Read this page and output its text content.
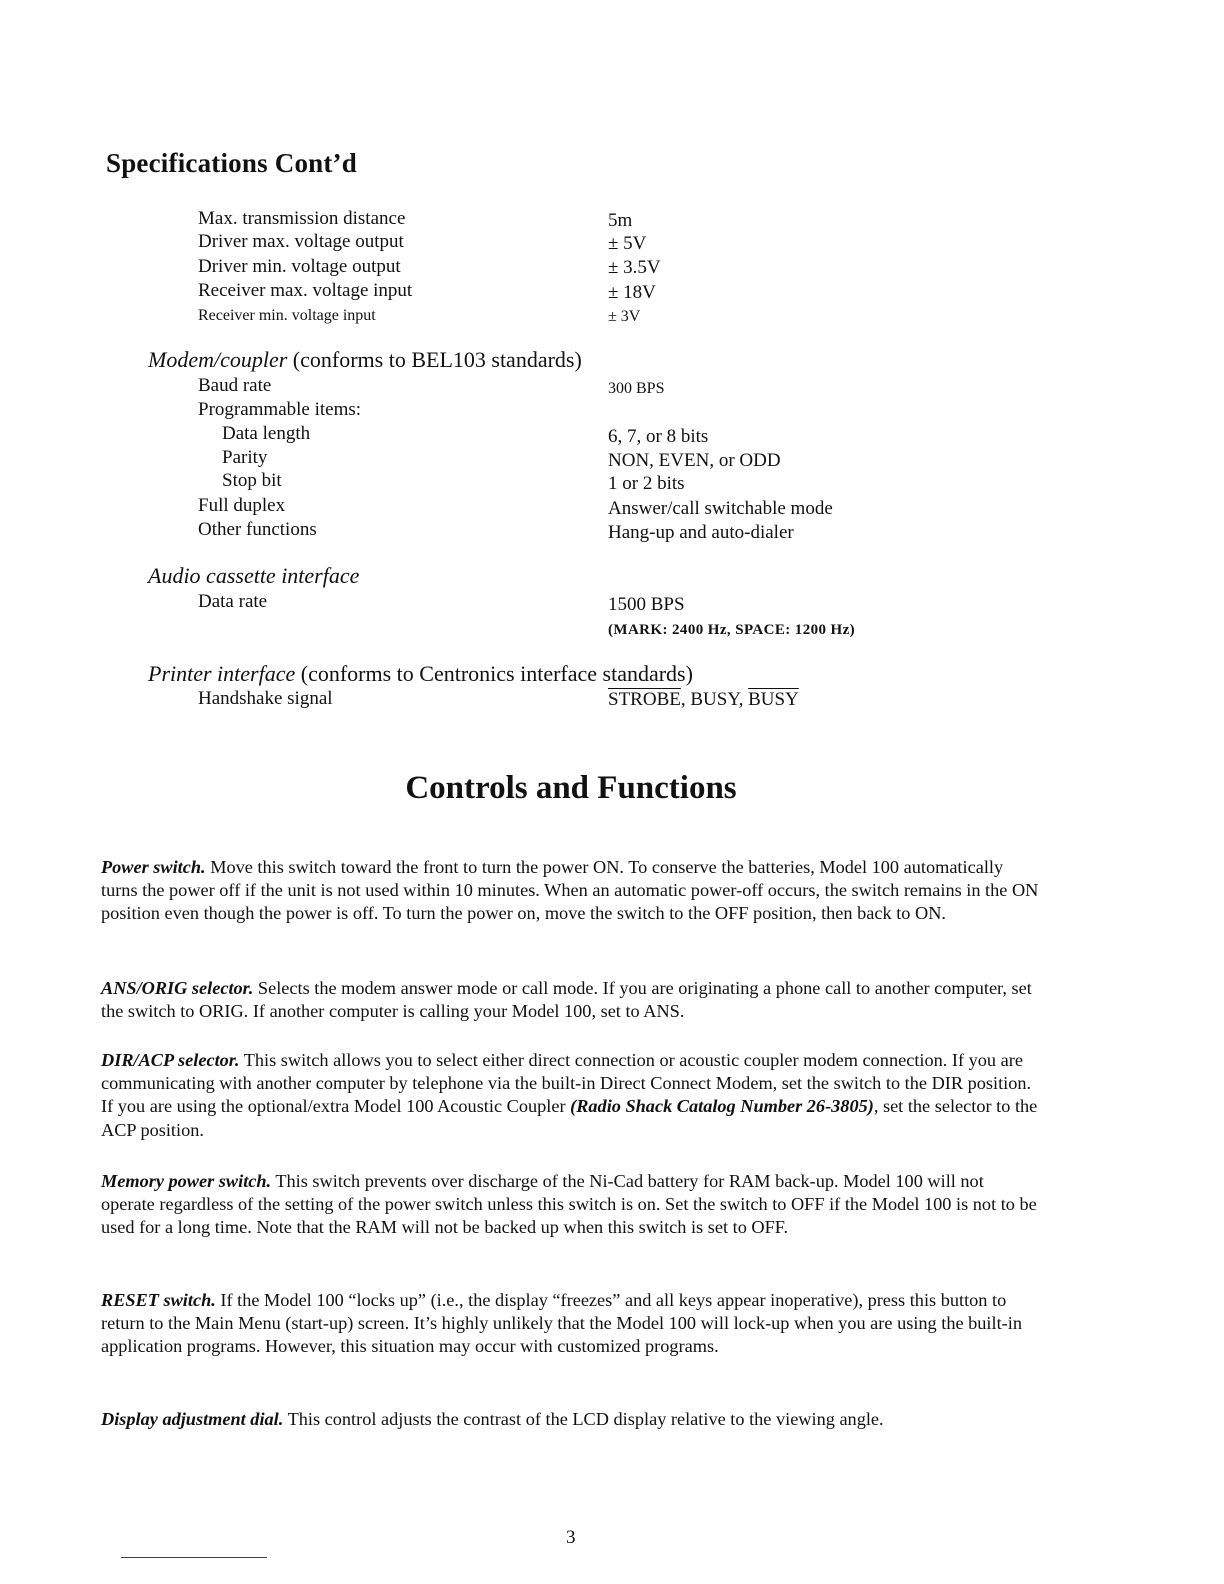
Specifications Cont’d
Max. transmission distance	5m
Driver max. voltage output	± 5V
Driver min. voltage output	± 3.5V
Receiver max. voltage input	± 18V
Receiver min. voltage input	± 3V
Modem/coupler (conforms to BEL103 standards)
Baud rate	300 BPS
Programmable items:
Data length	6, 7, or 8 bits
Parity	NON, EVEN, or ODD
Stop bit	1 or 2 bits
Full duplex	Answer/call switchable mode
Other functions	Hang-up and auto-dialer
Audio cassette interface
Data rate	1500 BPS
(MARK: 2400 Hz, SPACE: 1200 Hz)
Printer interface (conforms to Centronics interface standards)
Handshake signal	STROBE, BUSY, BUSY
Controls and Functions

Power switch. Move this switch toward the front to turn the power ON. To conserve the batteries, Model 100 automatically turns the power off if the unit is not used within 10 minutes. When an automatic power-off occurs, the switch remains in the ON position even though the power is off. To turn the power on, move the switch to the OFF position, then back to ON.

ANS/ORIG selector. Selects the modem answer mode or call mode. If you are originating a phone call to another computer, set the switch to ORIG. If another computer is calling your Model 100, set to ANS.

DIR/ACP selector. This switch allows you to select either direct connection or acoustic coupler modem connection. If you are communicating with another computer by telephone via the built-in Direct Connect Modem, set the switch to the DIR position. If you are using the optional/extra Model 100 Acoustic Coupler (Radio Shack Catalog Number 26-3805), set the selector to the ACP position.

Memory power switch. This switch prevents over discharge of the Ni-Cad battery for RAM back-up. Model 100 will not operate regardless of the setting of the power switch unless this switch is on. Set the switch to OFF if the Model 100 is not to be used for a long time. Note that the RAM will not be backed up when this switch is set to OFF.

RESET switch. If the Model 100 “locks up” (i.e., the display “freezes” and all keys appear inoperative), press this button to return to the Main Menu (start-up) screen. It’s highly unlikely that the Model 100 will lock-up when you are using the built-in application programs. However, this situation may occur with customized programs.

Display adjustment dial. This control adjusts the contrast of the LCD display relative to the viewing angle.

3
